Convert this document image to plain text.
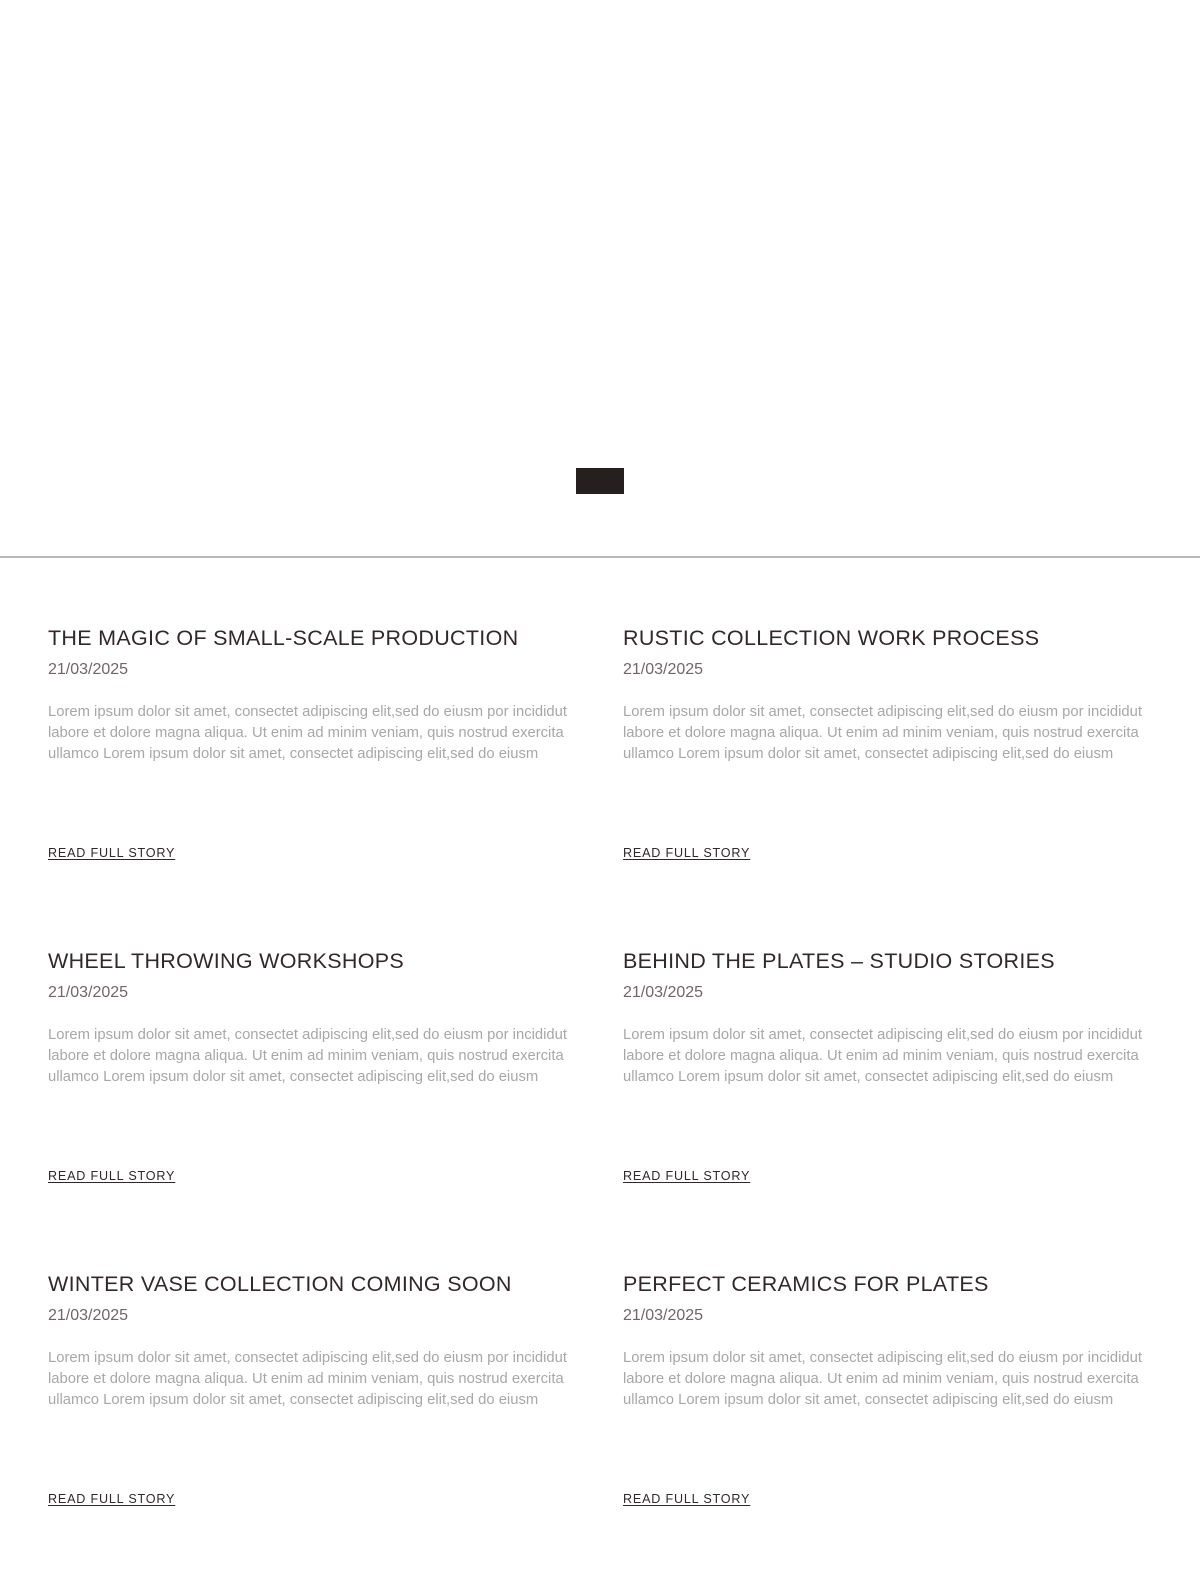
THE MAGIC OF SMALL-SCALE PRODUCTION
21/03/2025

Lorem ipsum dolor sit amet, consectet adipiscing elit,sed do eiusm por incididut labore et dolore magna aliqua. Ut enim ad minim veniam, quis nostrud exercita ullamco Lorem ipsum dolor sit amet, consectet adipiscing elit,sed do eiusm

READ FULL STORY
RUSTIC COLLECTION WORK PROCESS
21/03/2025

Lorem ipsum dolor sit amet, consectet adipiscing elit,sed do eiusm por incididut labore et dolore magna aliqua. Ut enim ad minim veniam, quis nostrud exercita ullamco Lorem ipsum dolor sit amet, consectet adipiscing elit,sed do eiusm

READ FULL STORY
WHEEL THROWING WORKSHOPS
21/03/2025

Lorem ipsum dolor sit amet, consectet adipiscing elit,sed do eiusm por incididut labore et dolore magna aliqua. Ut enim ad minim veniam, quis nostrud exercita ullamco Lorem ipsum dolor sit amet, consectet adipiscing elit,sed do eiusm

READ FULL STORY
BEHIND THE PLATES – STUDIO STORIES
21/03/2025

Lorem ipsum dolor sit amet, consectet adipiscing elit,sed do eiusm por incididut labore et dolore magna aliqua. Ut enim ad minim veniam, quis nostrud exercita ullamco Lorem ipsum dolor sit amet, consectet adipiscing elit,sed do eiusm

READ FULL STORY
WINTER VASE COLLECTION COMING SOON
21/03/2025

Lorem ipsum dolor sit amet, consectet adipiscing elit,sed do eiusm por incididut labore et dolore magna aliqua. Ut enim ad minim veniam, quis nostrud exercita ullamco Lorem ipsum dolor sit amet, consectet adipiscing elit,sed do eiusm

READ FULL STORY
PERFECT CERAMICS FOR PLATES
21/03/2025

Lorem ipsum dolor sit amet, consectet adipiscing elit,sed do eiusm por incididut labore et dolore magna aliqua. Ut enim ad minim veniam, quis nostrud exercita ullamco Lorem ipsum dolor sit amet, consectet adipiscing elit,sed do eiusm

READ FULL STORY
